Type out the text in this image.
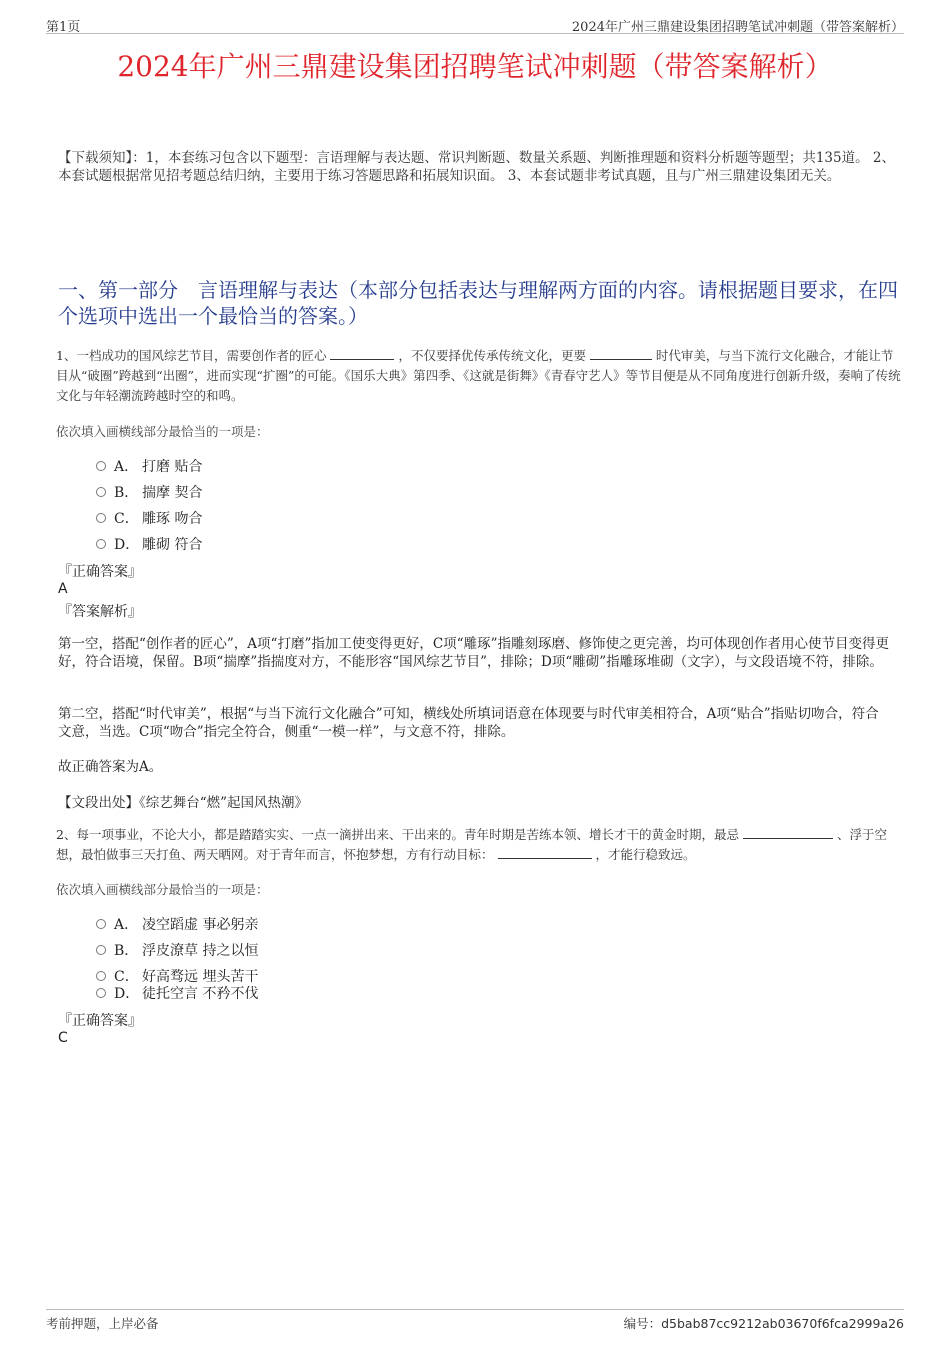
第1页	2024年广州三鼎建设集团招聘笔试冲刺题（带答案解析）
2024年广州三鼎建设集团招聘笔试冲刺题（带答案解析）
【下载须知】：1，本套练习包含以下题型：言语理解与表达题、常识判断题、数量关系题、判断推理题和资料分析题等题型；共135道。 2、本套试题根据常见招考题总结归纳，主要用于练习答题思路和拓展知识面。 3、本套试题非考试真题，且与广州三鼎建设集团无关。
一、第一部分　言语理解与表达（本部分包括表达与理解两方面的内容。请根据题目要求，在四个选项中选出一个最恰当的答案。）
1、一档成功的国风综艺节目，需要创作者的匠心	，不仅要择优传承传统文化，更要	时代审美，与当下流行文化融合，才能让节目从“破圈”跨越到“出圈”，进而实现“扩圈”的可能。《国乐大典》第四季、《这就是街舞》《青春守艺人》等节目便是从不同角度进行创新升级，奏响了传统文化与年轻潮流跨越时空的和鸣。
依次填入画横线部分最恰当的一项是：
A． 打磨 贴合
B． 揣摩 契合
C． 雕琢 吻合
D． 雕砌 符合
『正确答案』
A
『答案解析』
第一空，搭配“创作者的匠心”，A项“打磨”指加工使变得更好，C项“雕琢”指雕刻琢磨、修饰使之更完善，均可体现创作者用心使节目变得更好，符合语境，保留。B项“揣摩”指揣度对方，不能形容“国风综艺节目”，排除；D项“雕砌”指雕琢堆砌（文字），与文段语境不符，排除。
第二空，搭配“时代审美”，根据“与当下流行文化融合”可知，横线处所填词语意在体现要与时代审美相符合，A项“贴合”指贴切吻合，符合文意，当选。C项“吻合”指完全符合，侧重“一模一样”，与文意不符，排除。
故正确答案为A。
【文段出处】《综艺舞台“燃”起国风热潮》
2、每一项事业，不论大小，都是踏踏实实、一点一滴拼出来、干出来的。青年时期是苦练本领、增长才干的黄金时期，最忌	、浮于空想，最怕做事三天打鱼、两天晒网。对于青年而言，怀抱梦想，方有行动目标：	，才能行稳致远。
依次填入画横线部分最恰当的一项是：
A． 凌空蹈虚 事必躬亲
B． 浮皮潦草 持之以恒
C． 好高骛远 埋头苦干
D． 徒托空言 不矜不伐
『正确答案』
C
考前押题，上岸必备	编号：d5bab87cc9212ab03670f6fca2999a26
